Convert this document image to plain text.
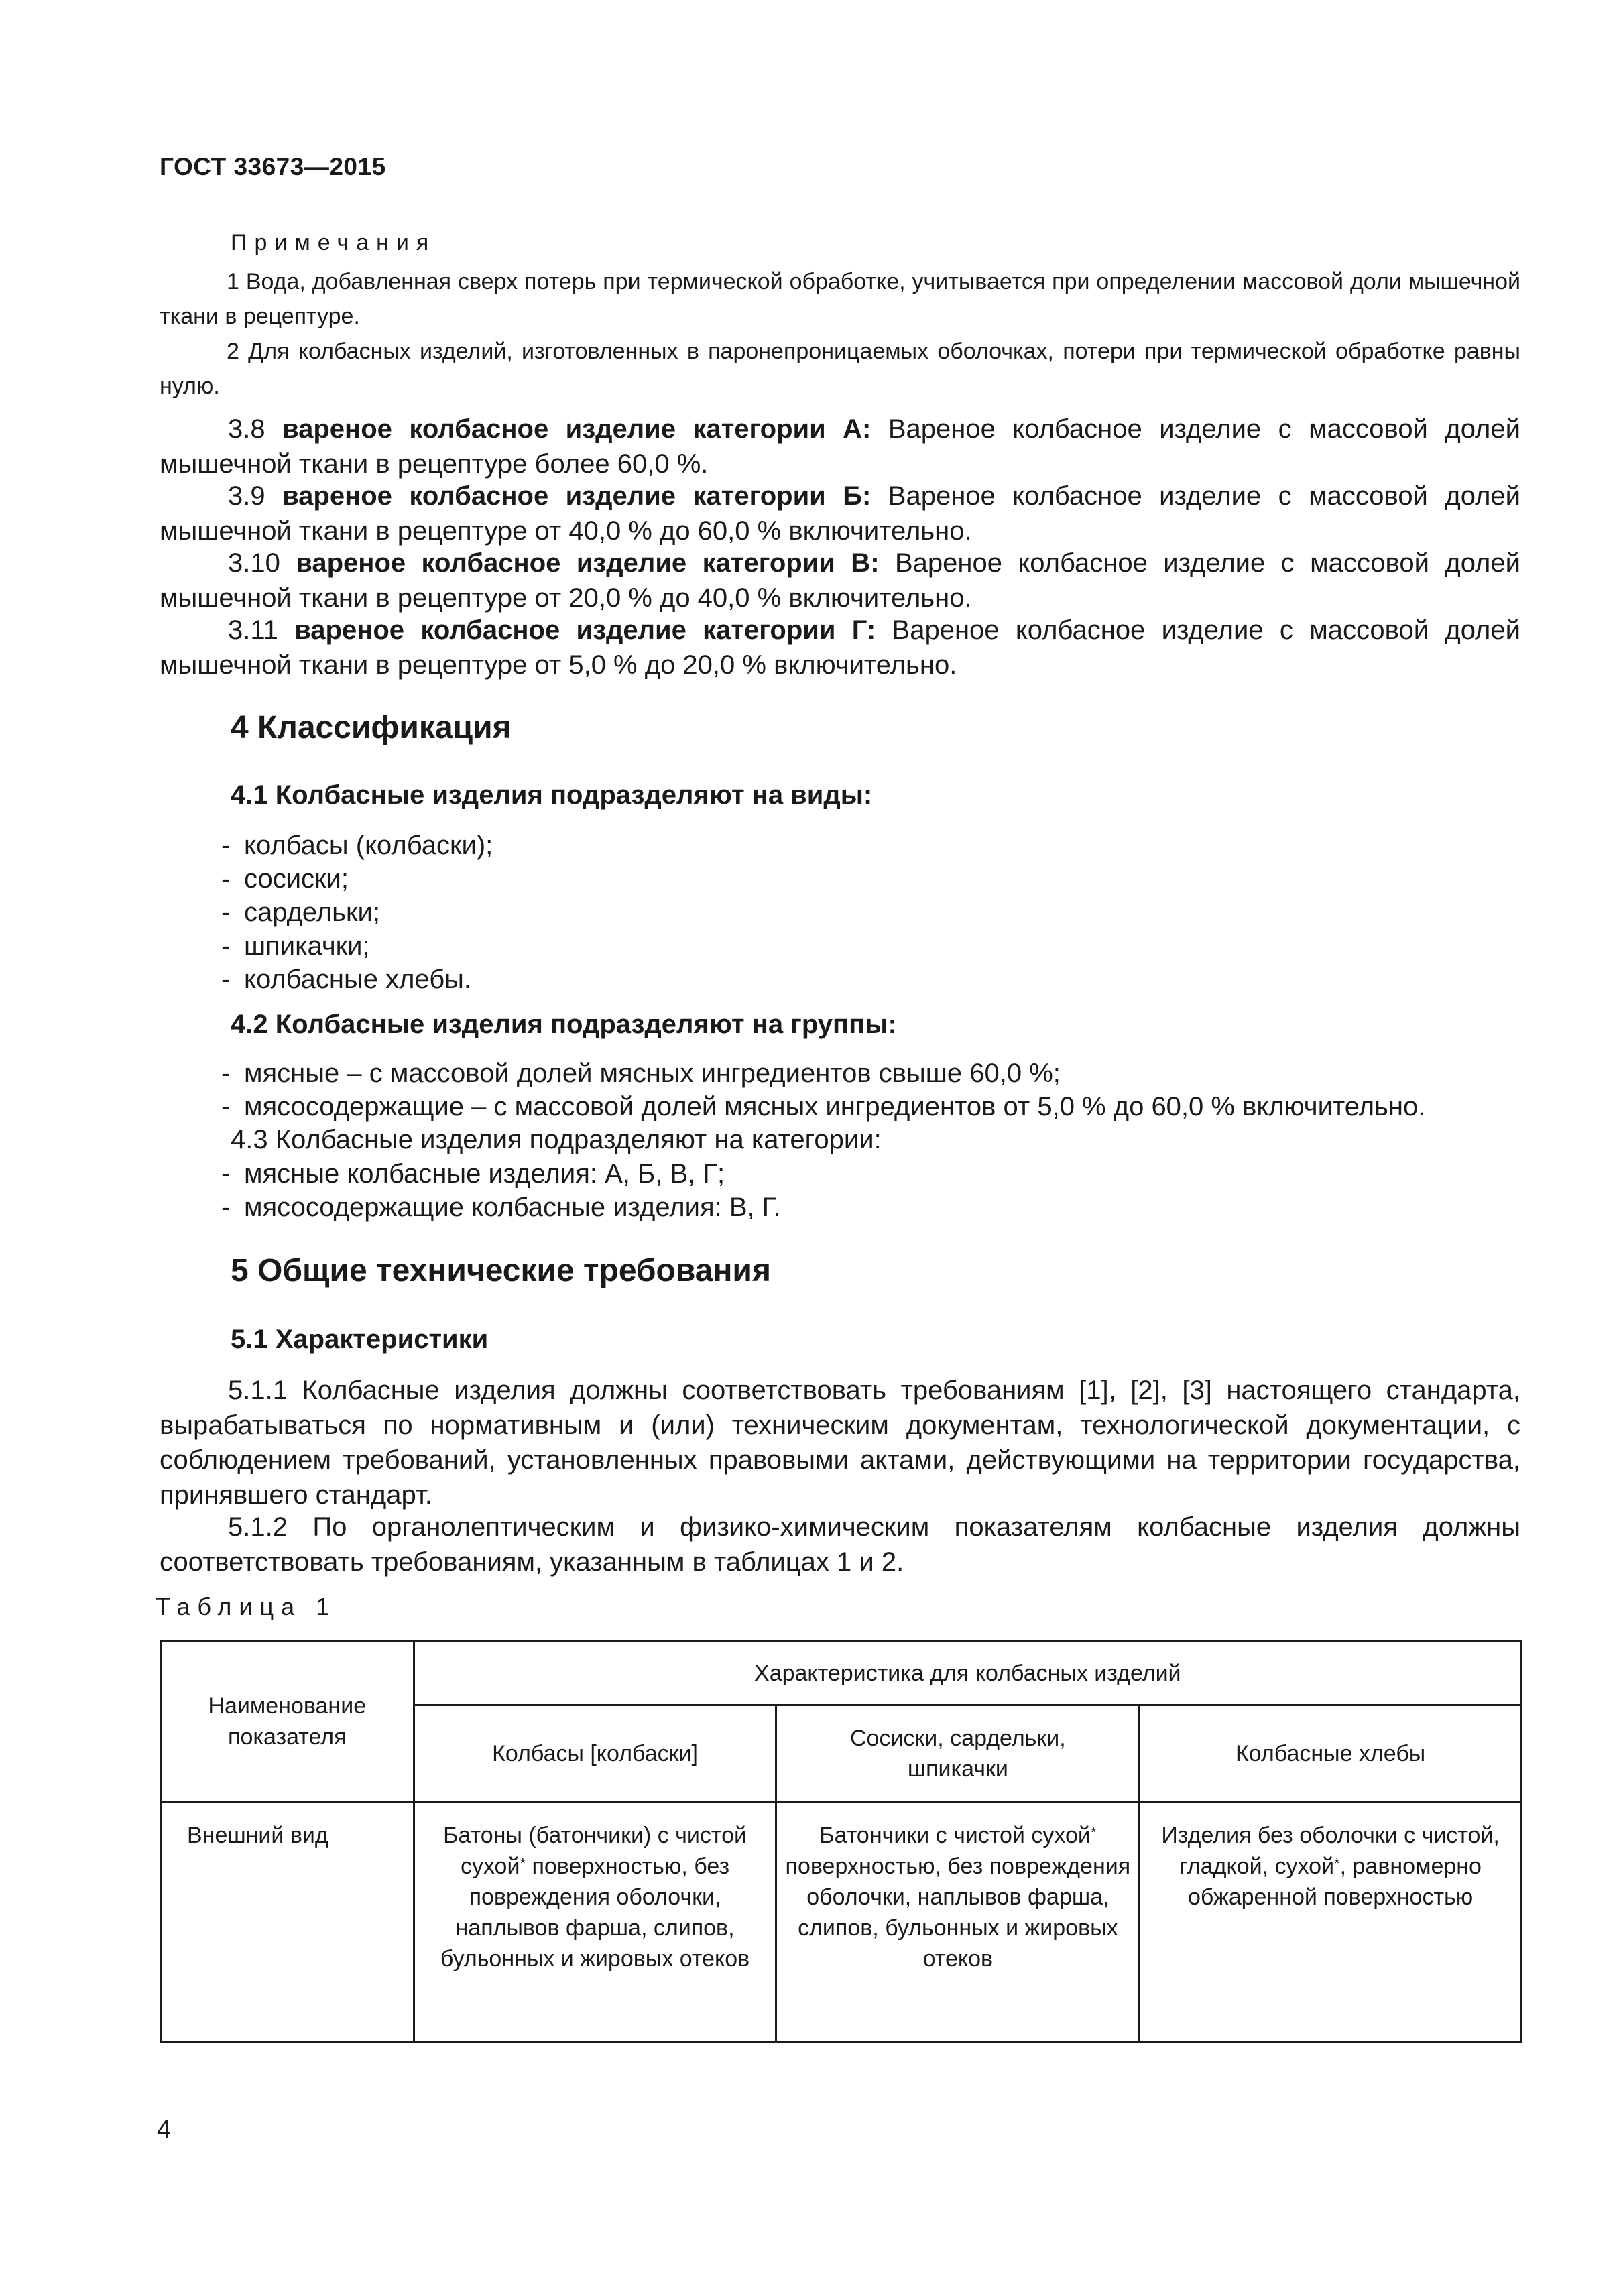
ГОСТ 33673—2015
Примечания
1 Вода, добавленная сверх потерь при термической обработке, учитывается при определении массовой доли мышечной ткани в рецептуре.
2 Для колбасных изделий, изготовленных в паронепроницаемых оболочках, потери при термической обработке равны нулю.
3.8 вареное колбасное изделие категории А: Вареное колбасное изделие с массовой долей мышечной ткани в рецептуре более 60,0 %.
3.9 вареное колбасное изделие категории Б: Вареное колбасное изделие с массовой долей мышечной ткани в рецептуре от 40,0 % до 60,0 % включительно.
3.10 вареное колбасное изделие категории В: Вареное колбасное изделие с массовой долей мышечной ткани в рецептуре от 20,0 % до 40,0 % включительно.
3.11 вареное колбасное изделие категории Г: Вареное колбасное изделие с массовой долей мышечной ткани в рецептуре от 5,0 % до 20,0 % включительно.
4 Классификация
4.1 Колбасные изделия подразделяют на виды:
- колбасы (колбаски);
- сосиски;
- сардельки;
- шпикачки;
- колбасные хлебы.
4.2 Колбасные изделия подразделяют на группы:
- мясные – с массовой долей мясных ингредиентов свыше 60,0 %;
- мясосодержащие – с массовой долей мясных ингредиентов от 5,0 % до 60,0 % включительно.
4.3 Колбасные изделия подразделяют на категории:
- мясные колбасные изделия: А, Б, В, Г;
- мясосодержащие колбасные изделия: В, Г.
5 Общие технические требования
5.1 Характеристики
5.1.1 Колбасные изделия должны соответствовать требованиям [1], [2], [3] настоящего стандарта, вырабатываться по нормативным и (или) техническим документам, технологической документации, с соблюдением требований, установленных правовыми актами, действующими на территории государства, принявшего стандарт.
5.1.2 По органолептическим и физико-химическим показателям колбасные изделия должны соответствовать требованиям, указанным в таблицах 1 и 2.
Таблица 1
Наименование показателя	Характеристика для колбасных изделий		
	Колбасы [колбаски]	Сосиски, сардельки, шпикачки	Колбасные хлебы
Внешний вид	Батоны (батончики) с чистой сухой* поверхностью, без повреждения оболочки, наплывов фарша, слипов, бульонных и жировых отеков	Батончики с чистой сухой* поверхностью, без повреждения оболочки, наплывов фарша, слипов, бульонных и жировых отеков	Изделия без оболочки с чистой, гладкой, сухой*, равномерно обжаренной поверхностью
4
